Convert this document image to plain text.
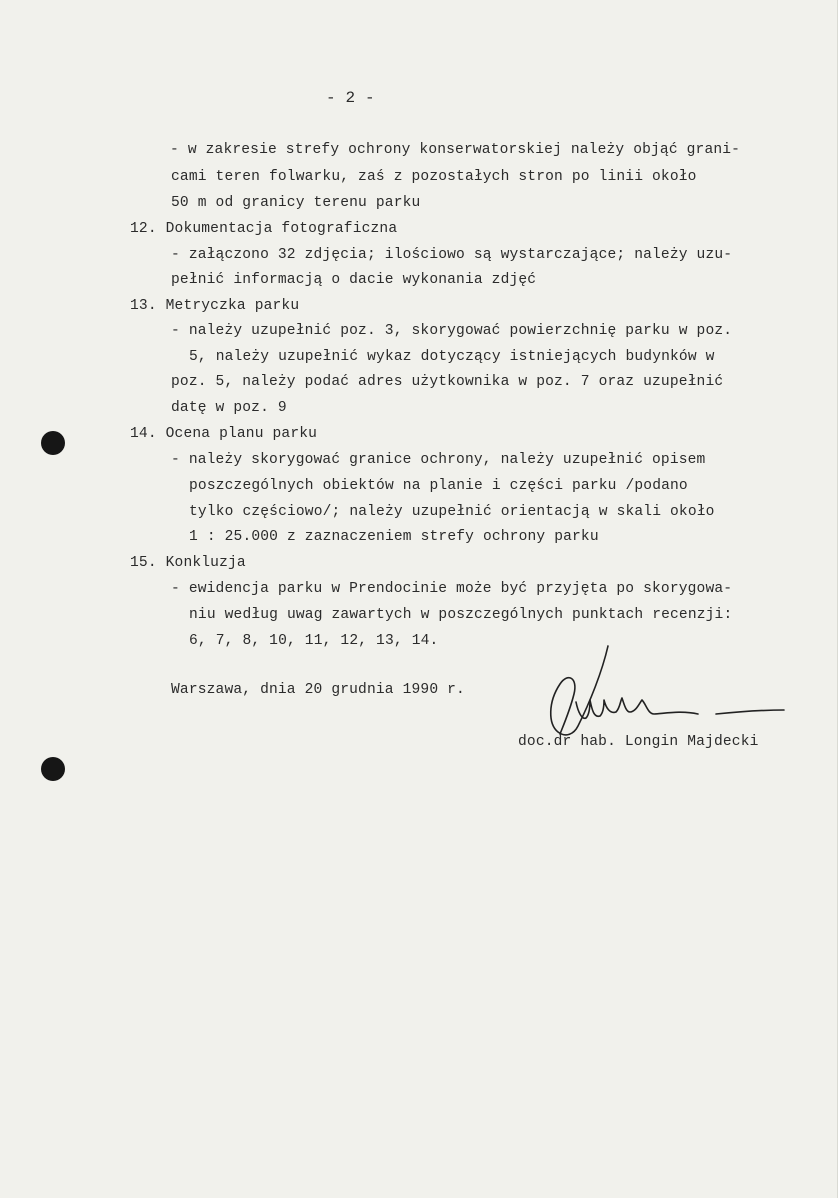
- 2 -
- w zakresie strefy ochrony konserwatorskiej należy objąć grani-
cami teren folwarku, zaś z pozostałych stron po linii około
50 m od granicy terenu parku
12. Dokumentacja fotograficzna
- załączono 32 zdjęcia; ilościowo są wystarczające; należy uzu-
pełnić informacją o dacie wykonania zdjęć
13. Metryczka parku
- należy uzupełnić poz. 3, skorygować powierzchnię parku w poz.
5, należy uzupełnić wykaz dotyczący istniejących budynków w
poz. 5, należy podać adres użytkownika w poz. 7 oraz uzupełnić
datę w poz. 9
14. Ocena planu parku
- należy skorygować granice ochrony, należy uzupełnić opisem
poszczególnych obiektów na planie i części parku /podano
tylko częściowo/; należy uzupełnić orientacją w skali około
1 : 25.000 z zaznaczeniem strefy ochrony parku
15. Konkluzja
- ewidencja parku w Prendocinie może być przyjęta po skorygowa-
niu według uwag zawartych w poszczególnych punktach recenzji:
6, 7, 8, 10, 11, 12, 13, 14.
Warszawa, dnia 20 grudnia 1990 r.
doc.dr hab. Longin Majdecki
